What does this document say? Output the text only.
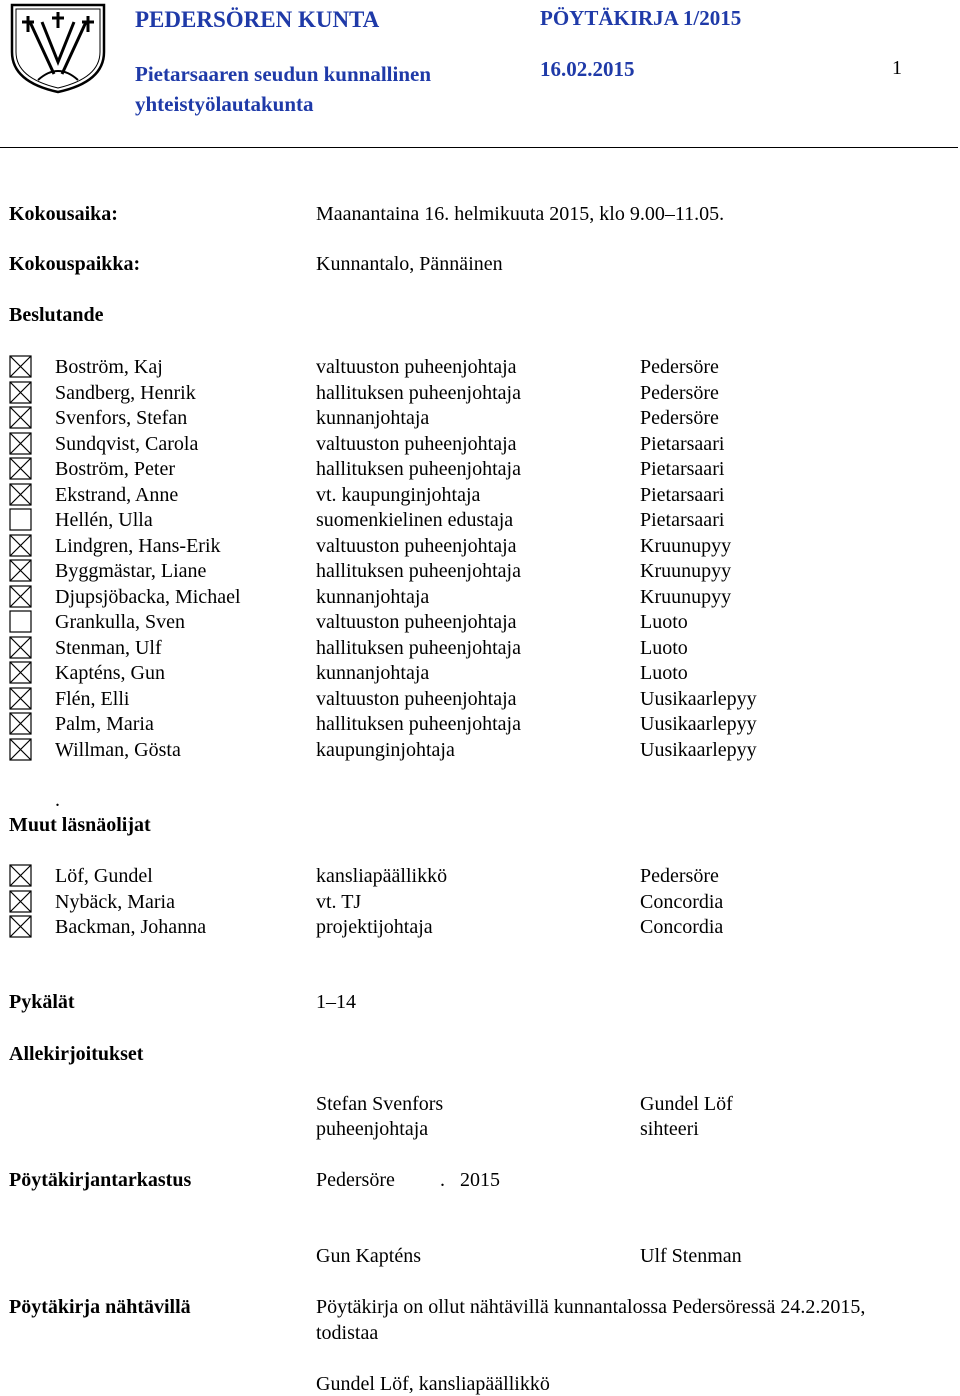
PEDERSÖREN KUNTA	PÖYTÄKIRJA 1/2015
Pietarsaaren seudun kunnallinen
yhteistyölautakunta
16.02.2015	1
Kokousaika:	Maanantaina 16. helmikuuta 2015, klo 9.00–11.05.
Kokouspaikka:	Kunnantalo, Pännäinen
Beslutande
Boström, Kaj	valtuuston puheenjohtaja	Pedersöre
Sandberg, Henrik	hallituksen puheenjohtaja	Pedersöre
Svenfors, Stefan	kunnanjohtaja	Pedersöre
Sundqvist, Carola	valtuuston puheenjohtaja	Pietarsaari
Boström, Peter	hallituksen puheenjohtaja	Pietarsaari
Ekstrand, Anne	vt. kaupunginjohtaja	Pietarsaari
Hellén, Ulla	suomenkielinen edustaja	Pietarsaari
Lindgren, Hans-Erik	valtuuston puheenjohtaja	Kruunupyy
Byggmästar, Liane	hallituksen puheenjohtaja	Kruunupyy
Djupsjöbacka, Michael	kunnanjohtaja	Kruunupyy
Grankulla, Sven	valtuuston puheenjohtaja	Luoto
Stenman, Ulf	hallituksen puheenjohtaja	Luoto
Kapténs, Gun	kunnanjohtaja	Luoto
Flén, Elli	valtuuston puheenjohtaja	Uusikaarlepyy
Palm, Maria	hallituksen puheenjohtaja	Uusikaarlepyy
Willman, Gösta	kaupunginjohtaja	Uusikaarlepyy
.
Muut läsnäolijat
Löf, Gundel	kansliapäällikkö	Pedersöre
Nybäck, Maria	vt. TJ	Concordia
Backman, Johanna	projektijohtaja	Concordia
Pykälät	1–14
Allekirjoitukset
Stefan Svenfors
puheenjohtaja
Gundel Löf
sihteeri
Pöytäkirjantarkastus	Pedersöre .   2015
Gun Kapténs	Ulf Stenman
Pöytäkirja nähtävillä	Pöytäkirja on ollut nähtävillä kunnantalossa Pedersöressä 24.2.2015,
todistaa
Gundel Löf, kansliapäällikkö
